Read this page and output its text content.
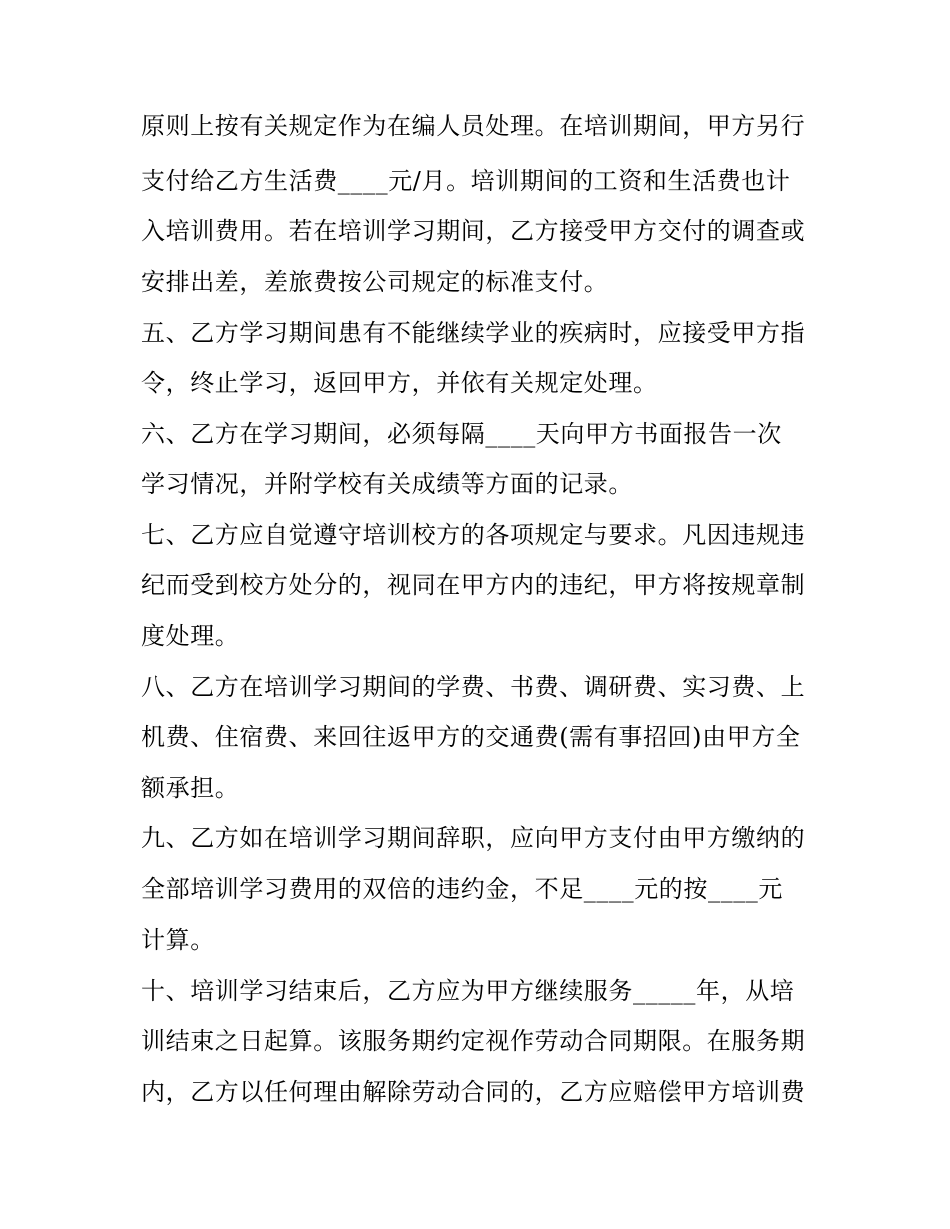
原则上按有关规定作为在编人员处理。在培训期间，甲方另行
支付给乙方生活费____元/月。培训期间的工资和生活费也计
入培训费用。若在培训学习期间，乙方接受甲方交付的调查或
安排出差，差旅费按公司规定的标准支付。
五、乙方学习期间患有不能继续学业的疾病时，应接受甲方指
令，终止学习，返回甲方，并依有关规定处理。
六、乙方在学习期间，必须每隔____天向甲方书面报告一次
学习情况，并附学校有关成绩等方面的记录。
七、乙方应自觉遵守培训校方的各项规定与要求。凡因违规违
纪而受到校方处分的，视同在甲方内的违纪，甲方将按规章制
度处理。
八、乙方在培训学习期间的学费、书费、调研费、实习费、上
机费、住宿费、来回往返甲方的交通费(需有事招回)由甲方全
额承担。
九、乙方如在培训学习期间辞职，应向甲方支付由甲方缴纳的
全部培训学习费用的双倍的违约金，不足____元的按____元
计算。
十、培训学习结束后，乙方应为甲方继续服务_____年，从培
训结束之日起算。该服务期约定视作劳动合同期限。在服务期
内，乙方以任何理由解除劳动合同的，乙方应赔偿甲方培训费
